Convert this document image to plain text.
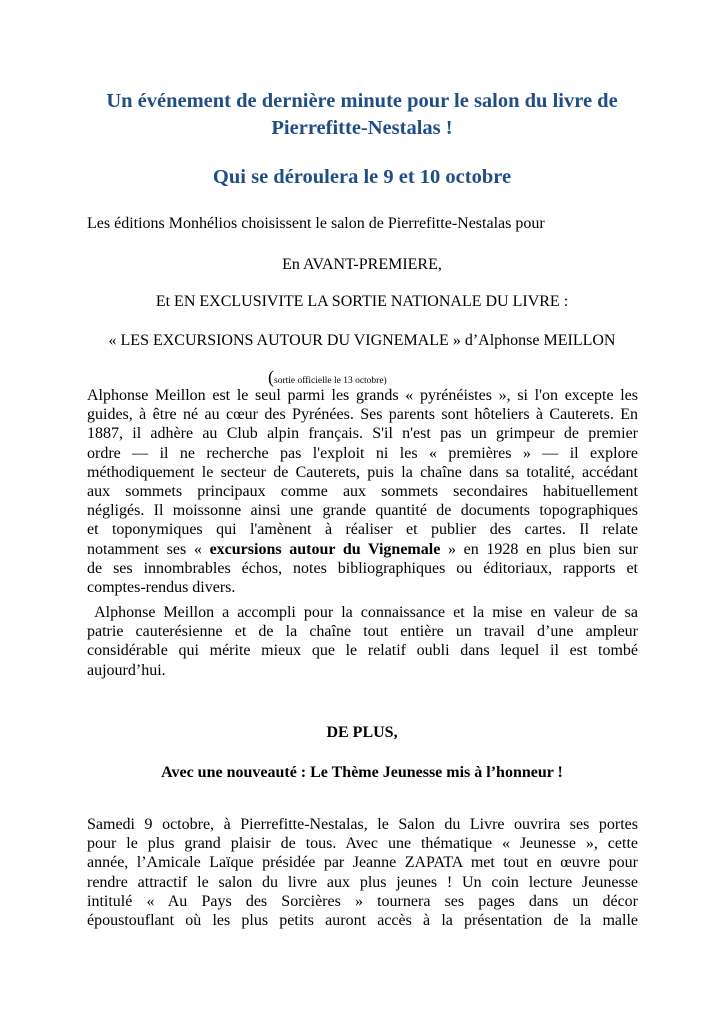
Un événement de dernière minute pour le salon du livre de
Pierrefitte-Nestalas !
Qui se déroulera le 9 et 10 octobre

Les éditions Monhélios choisissent le salon de Pierrefitte-Nestalas pour

En AVANT-PREMIERE,

Et EN EXCLUSIVITE LA SORTIE NATIONALE DU LIVRE :

« LES EXCURSIONS AUTOUR DU VIGNEMALE » d’Alphonse MEILLON

(sortie officielle le 13 octobre)
Alphonse Meillon est le seul parmi les grands « pyrénéistes », si l'on excepte les
guides, à être né au cœur des Pyrénées. Ses parents sont hôteliers à Cauterets. En
1887, il adhère au Club alpin français. S'il n'est pas un grimpeur de premier
ordre — il ne recherche pas l'exploit ni les « premières » — il explore
méthodiquement le secteur de Cauterets, puis la chaîne dans sa totalité, accédant
aux sommets principaux comme aux sommets secondaires habituellement
négligés. Il moissonne ainsi une grande quantité de documents topographiques
et toponymiques qui l'amènent à réaliser et publier des cartes. Il relate
notamment ses « excursions autour du Vignemale » en 1928 en plus bien sur
de ses innombrables échos, notes bibliographiques ou éditoriaux, rapports et
comptes-rendus divers.
Alphonse Meillon a accompli pour la connaissance et la mise en valeur de sa
patrie cauterésienne et de la chaîne tout entière un travail d’une ampleur
considérable qui mérite mieux que le relatif oubli dans lequel il est tombé
aujourd’hui.

DE PLUS,

Avec une nouveauté : Le Thème Jeunesse mis à l’honneur !

Samedi 9 octobre, à Pierrefitte-Nestalas, le Salon du Livre ouvrira ses portes
pour le plus grand plaisir de tous. Avec une thématique « Jeunesse », cette
année, l’Amicale Laïque présidée par Jeanne ZAPATA met tout en œuvre pour
rendre attractif le salon du livre aux plus jeunes ! Un coin lecture Jeunesse
intitulé « Au Pays des Sorcières » tournera ses pages dans un décor
époustouflant où les plus petits auront accès à la présentation de la malle
